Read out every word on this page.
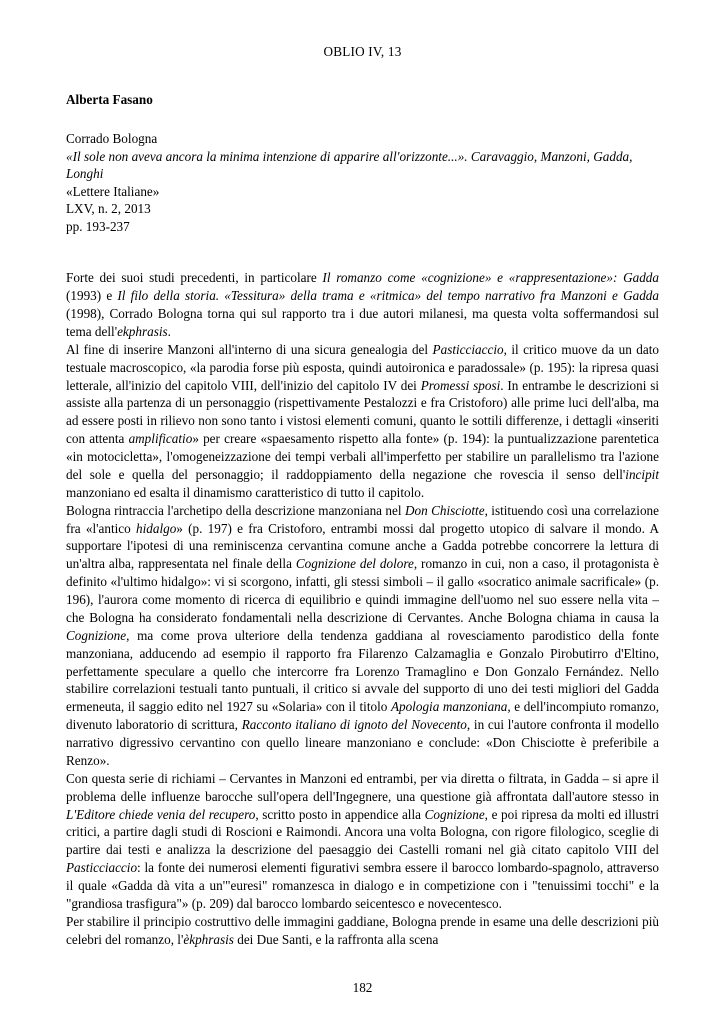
OBLIO IV, 13
Alberta Fasano
Corrado Bologna
«Il sole non aveva ancora la minima intenzione di apparire all'orizzonte...». Caravaggio, Manzoni, Gadda, Longhi
«Lettere Italiane»
LXV, n. 2, 2013
pp. 193-237

Forte dei suoi studi precedenti, in particolare Il romanzo come «cognizione» e «rappresentazione»: Gadda (1993) e Il filo della storia. «Tessitura» della trama e «ritmica» del tempo narrativo fra Manzoni e Gadda (1998), Corrado Bologna torna qui sul rapporto tra i due autori milanesi, ma questa volta soffermandosi sul tema dell'ekphrasis.

Al fine di inserire Manzoni all'interno di una sicura genealogia del Pasticciaccio, il critico muove da un dato testuale macroscopico, «la parodia forse più esposta, quindi autoironica e paradossale» (p. 195): la ripresa quasi letterale, all'inizio del capitolo VIII, dell'inizio del capitolo IV dei Promessi sposi. In entrambe le descrizioni si assiste alla partenza di un personaggio (rispettivamente Pestalozzi e fra Cristoforo) alle prime luci dell'alba, ma ad essere posti in rilievo non sono tanto i vistosi elementi comuni, quanto le sottili differenze, i dettagli «inseriti con attenta amplificatio» per creare «spaesamento rispetto alla fonte» (p. 194): la puntualizzazione parentetica «in motocicletta», l'omogeneizzazione dei tempi verbali all'imperfetto per stabilire un parallelismo tra l'azione del sole e quella del personaggio; il raddoppiamento della negazione che rovescia il senso dell'incipit manzoniano ed esalta il dinamismo caratteristico di tutto il capitolo.

Bologna rintraccia l'archetipo della descrizione manzoniana nel Don Chisciotte, istituendo così una correlazione fra «l'antico hidalgo» (p. 197) e fra Cristoforo, entrambi mossi dal progetto utopico di salvare il mondo. A supportare l'ipotesi di una reminiscenza cervantina comune anche a Gadda potrebbe concorrere la lettura di un'altra alba, rappresentata nel finale della Cognizione del dolore, romanzo in cui, non a caso, il protagonista è definito «l'ultimo hidalgo»: vi si scorgono, infatti, gli stessi simboli – il gallo «socratico animale sacrificale» (p. 196), l'aurora come momento di ricerca di equilibrio e quindi immagine dell'uomo nel suo essere nella vita – che Bologna ha considerato fondamentali nella descrizione di Cervantes. Anche Bologna chiama in causa la Cognizione, ma come prova ulteriore della tendenza gaddiana al rovesciamento parodistico della fonte manzoniana, adducendo ad esempio il rapporto fra Filarenzo Calzamaglia e Gonzalo Pirobutirro d'Eltino, perfettamente speculare a quello che intercorre fra Lorenzo Tramaglino e Don Gonzalo Fernández. Nello stabilire correlazioni testuali tanto puntuali, il critico si avvale del supporto di uno dei testi migliori del Gadda ermeneuta, il saggio edito nel 1927 su «Solaria» con il titolo Apologia manzoniana, e dell'incompiuto romanzo, divenuto laboratorio di scrittura, Racconto italiano di ignoto del Novecento, in cui l'autore confronta il modello narrativo digressivo cervantino con quello lineare manzoniano e conclude: «Don Chisciotte è preferibile a Renzo».

Con questa serie di richiami – Cervantes in Manzoni ed entrambi, per via diretta o filtrata, in Gadda – si apre il problema delle influenze barocche sull'opera dell'Ingegnere, una questione già affrontata dall'autore stesso in L'Editore chiede venia del recupero, scritto posto in appendice alla Cognizione, e poi ripresa da molti ed illustri critici, a partire dagli studi di Roscioni e Raimondi. Ancora una volta Bologna, con rigore filologico, sceglie di partire dai testi e analizza la descrizione del paesaggio dei Castelli romani nel già citato capitolo VIII del Pasticciaccio: la fonte dei numerosi elementi figurativi sembra essere il barocco lombardo-spagnolo, attraverso il quale «Gadda dà vita a un'"euresi" romanzesca in dialogo e in competizione con i "tenuissimi tocchi" e la "grandiosa trasfigura"» (p. 209) dal barocco lombardo seicentesco e novecentesco.

Per stabilire il principio costruttivo delle immagini gaddiane, Bologna prende in esame una delle descrizioni più celebri del romanzo, l'èkphrasis dei Due Santi, e la raffronta alla scena

182
